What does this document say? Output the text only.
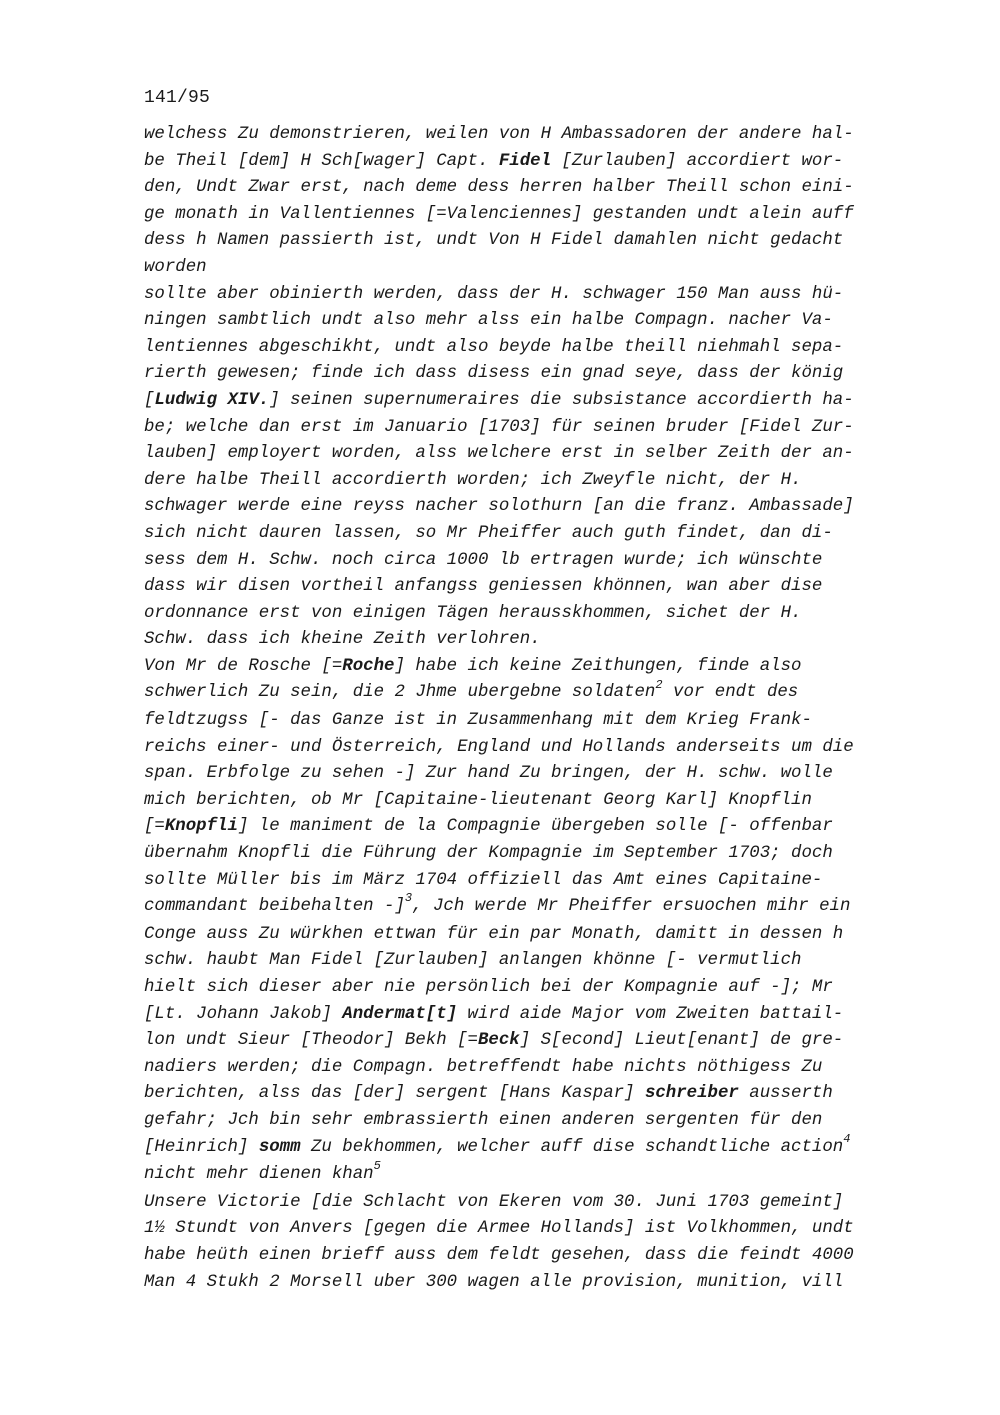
141/95
welchess Zu demonstrieren, weilen von H Ambassadoren der andere hal-
be Theil [dem] H Sch[wager] Capt. Fidel [Zurlauben] accordiert wor-
den, Undt Zwar erst, nach deme dess herren halber Theill schon eini-
ge monath in Vallentiennes [=Valenciennes] gestanden undt alein auff
dess h Namen passierth ist, undt Von H Fidel damahlen nicht gedacht
worden
sollte aber obinierth werden, dass der H. schwager 150 Man auss hü-
ningen sambtlich undt also mehr alss ein halbe Compagn. nacher Va-
lentiennes abgeschikht, undt also beyde halbe theill niehmahl sepa-
rierth gewesen; finde ich dass disess ein gnad seye, dass der könig
[Ludwig XIV.] seinen supernumeraires die subsistance accordierth ha-
be; welche dan erst im Januario [1703] für seinen bruder [Fidel Zur-
lauben] employert worden, alss welchere erst in selber Zeith der an-
dere halbe Theill accordierth worden; ich Zweyfle nicht, der H.
schwager werde eine reyss nacher solothurn [an die franz. Ambassade]
sich nicht dauren lassen, so Mr Pheiffer auch guth findet, dan di-
sess dem H. Schw. noch circa 1000 lb ertragen wurde; ich wünschte
dass wir disen vortheil anfangss geniessen khönnen, wan aber dise
ordonnance erst von einigen Tägen herausskhommen, sichet der H.
Schw. dass ich kheine Zeith verlohren.
Von Mr de Rosche [=Roche] habe ich keine Zeithungen, finde also
schwerlich Zu sein, die 2 Jhme ubergebne soldaten$^2$ vor endt des
feldtzugss [- das Ganze ist in Zusammenhang mit dem Krieg Frank-
reichs einer- und Österreich, England und Hollands anderseits um die
span. Erbfolge zu sehen -] Zur hand Zu bringen, der H. schw. wolle
mich berichten, ob Mr [Capitaine-lieutenant Georg Karl] Knopflin
[=Knopfli] le maniment de la Compagnie übergeben solle [- offenbar
übernahm Knopfli die Führung der Kompagnie im September 1703; doch
sollte Müller bis im März 1704 offiziell das Amt eines Capitaine-
commandant beibehalten -]$^3$, Jch werde Mr Pheiffer ersuochen mihr ein
Conge auss Zu würkhen ettwan für ein par Monath, damitt in dessen h
schw. haubt Man Fidel [Zurlauben] anlangen khönne [- vermutlich
hielt sich dieser aber nie persönlich bei der Kompagnie auf -]; Mr
[Lt. Johann Jakob] Andermat[t] wird aide Major vom Zweiten battail-
lon undt Sieur [Theodor] Bekh [=Beck] S[econd] Lieut[enant] de gre-
nadiers werden; die Compagn. betreffendt habe nichts nöthigess Zu
berichten, alss das [der] sergent [Hans Kaspar] schreiber ausserth
gefahr; Jch bin sehr embrassierth einen anderen sergenten für den
[Heinrich] somm Zu bekhommen, welcher auff dise schandtliche action$^4$
nicht mehr dienen khan$^5$
Unsere Victorie [die Schlacht von Ekeren vom 30. Juni 1703 gemeint]
1½ Stundt von Anvers [gegen die Armee Hollands] ist Volkhommen, undt
habe heüth einen brieff auss dem feldt gesehen, dass die feindt 4000
Man 4 Stukh 2 Morsell uber 300 wagen alle provision, munition, vill
